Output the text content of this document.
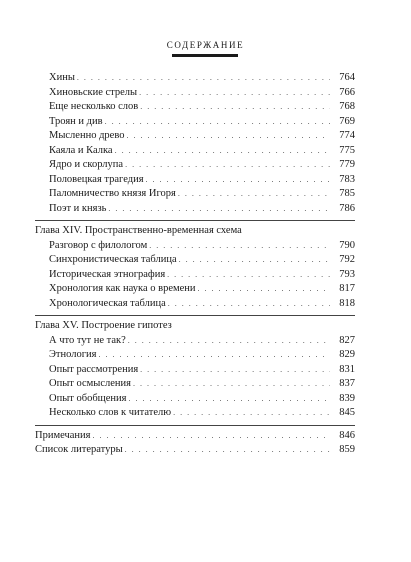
СОДЕРЖАНИЕ
Хины . . .	764
Хиновьские стрелы . . .	766
Еще несколько слов . . .	768
Троян и див . . .	769
Мысленно древо . . .	774
Каяла и Калка . . .	775
Ядро и скорлупа . . .	779
Половецкая трагедия . . .	783
Паломничество князя Игоря . . .	785
Поэт и князь . . .	786
Глава XIV. Пространственно-временная схема
Разговор с филологом . . .	790
Синхронистическая таблица . . .	792
Историческая этнография . . .	793
Хронология как наука о времени . . .	817
Хронологическая таблица . . .	818
Глава XV. Построение гипотез
А что тут не так? . . .	827
Этнология . . .	829
Опыт рассмотрения . . .	831
Опыт осмысления . . .	837
Опыт обобщения . . .	839
Несколько слов к читателю . . .	845
Примечания . . .	846
Список литературы . . .	859
